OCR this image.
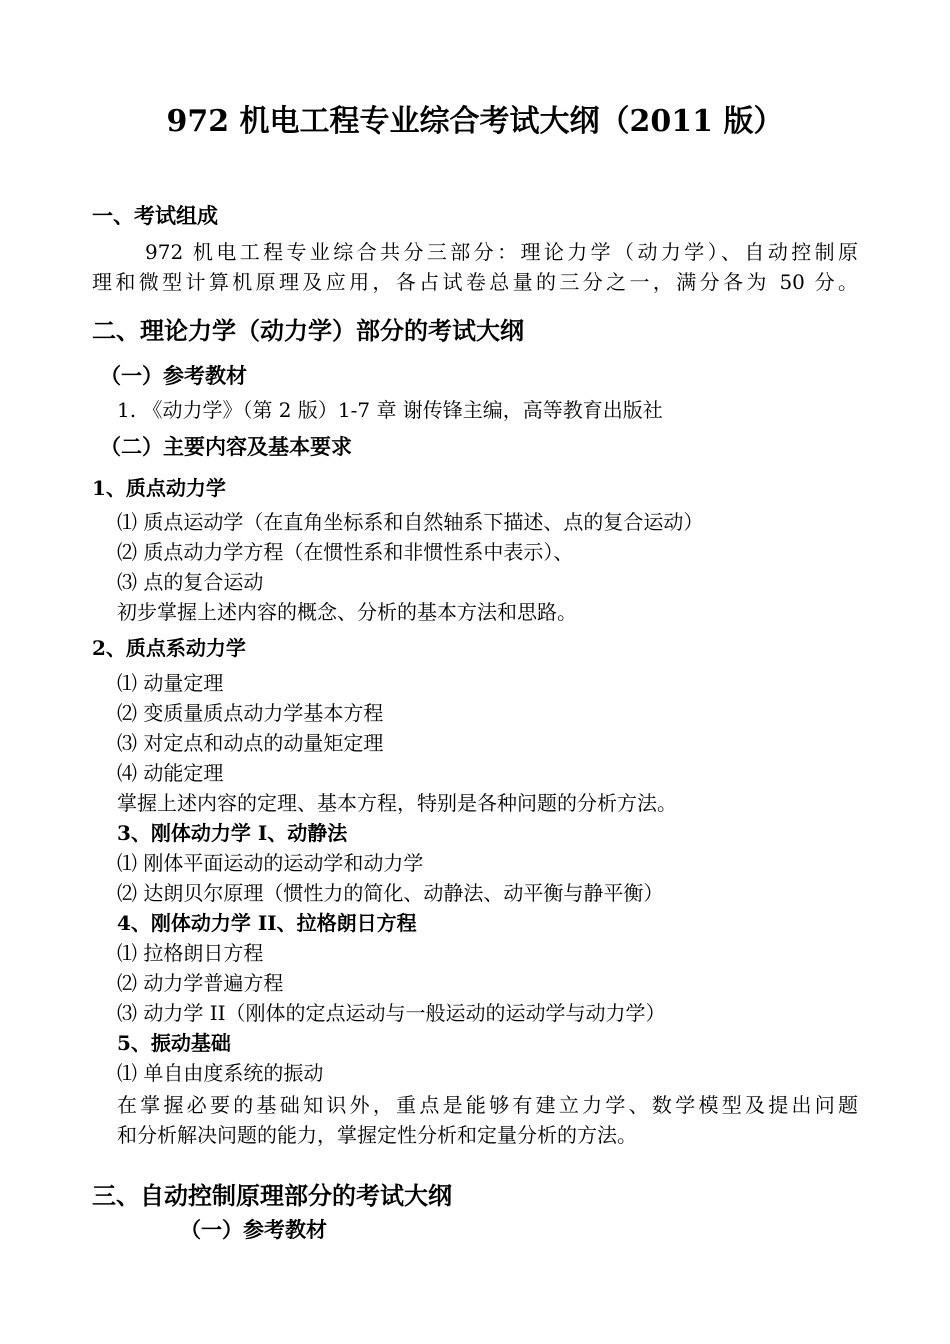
972 机电工程专业综合考试大纲（2011 版）
一、考试组成
972 机电工程专业综合共分三部分：理论力学（动力学）、自动控制原
理和微型计算机原理及应用，各占试卷总量的三分之一，满分各为 50 分。
二、理论力学（动力学）部分的考试大纲
（一）参考教材
1. 《动力学》（第 2 版）1-7 章 谢传锋主编，高等教育出版社
（二）主要内容及基本要求
1、质点动力学
⑴ 质点运动学（在直角坐标系和自然轴系下描述、点的复合运动）
⑵ 质点动力学方程（在惯性系和非惯性系中表示）、
⑶ 点的复合运动
初步掌握上述内容的概念、分析的基本方法和思路。
2、质点系动力学
⑴ 动量定理
⑵ 变质量质点动力学基本方程
⑶ 对定点和动点的动量矩定理
⑷ 动能定理
掌握上述内容的定理、基本方程，特别是各种问题的分析方法。
3、刚体动力学 I、动静法
⑴ 刚体平面运动的运动学和动力学
⑵ 达朗贝尔原理（惯性力的简化、动静法、动平衡与静平衡）
4、刚体动力学 II、拉格朗日方程
⑴ 拉格朗日方程
⑵ 动力学普遍方程
⑶ 动力学 II（刚体的定点运动与一般运动的运动学与动力学）
5、振动基础
⑴ 单自由度系统的振动
在掌握必要的基础知识外，重点是能够有建立力学、数学模型及提出问题
和分析解决问题的能力，掌握定性分析和定量分析的方法。
三、自动控制原理部分的考试大纲
（一）参考教材
